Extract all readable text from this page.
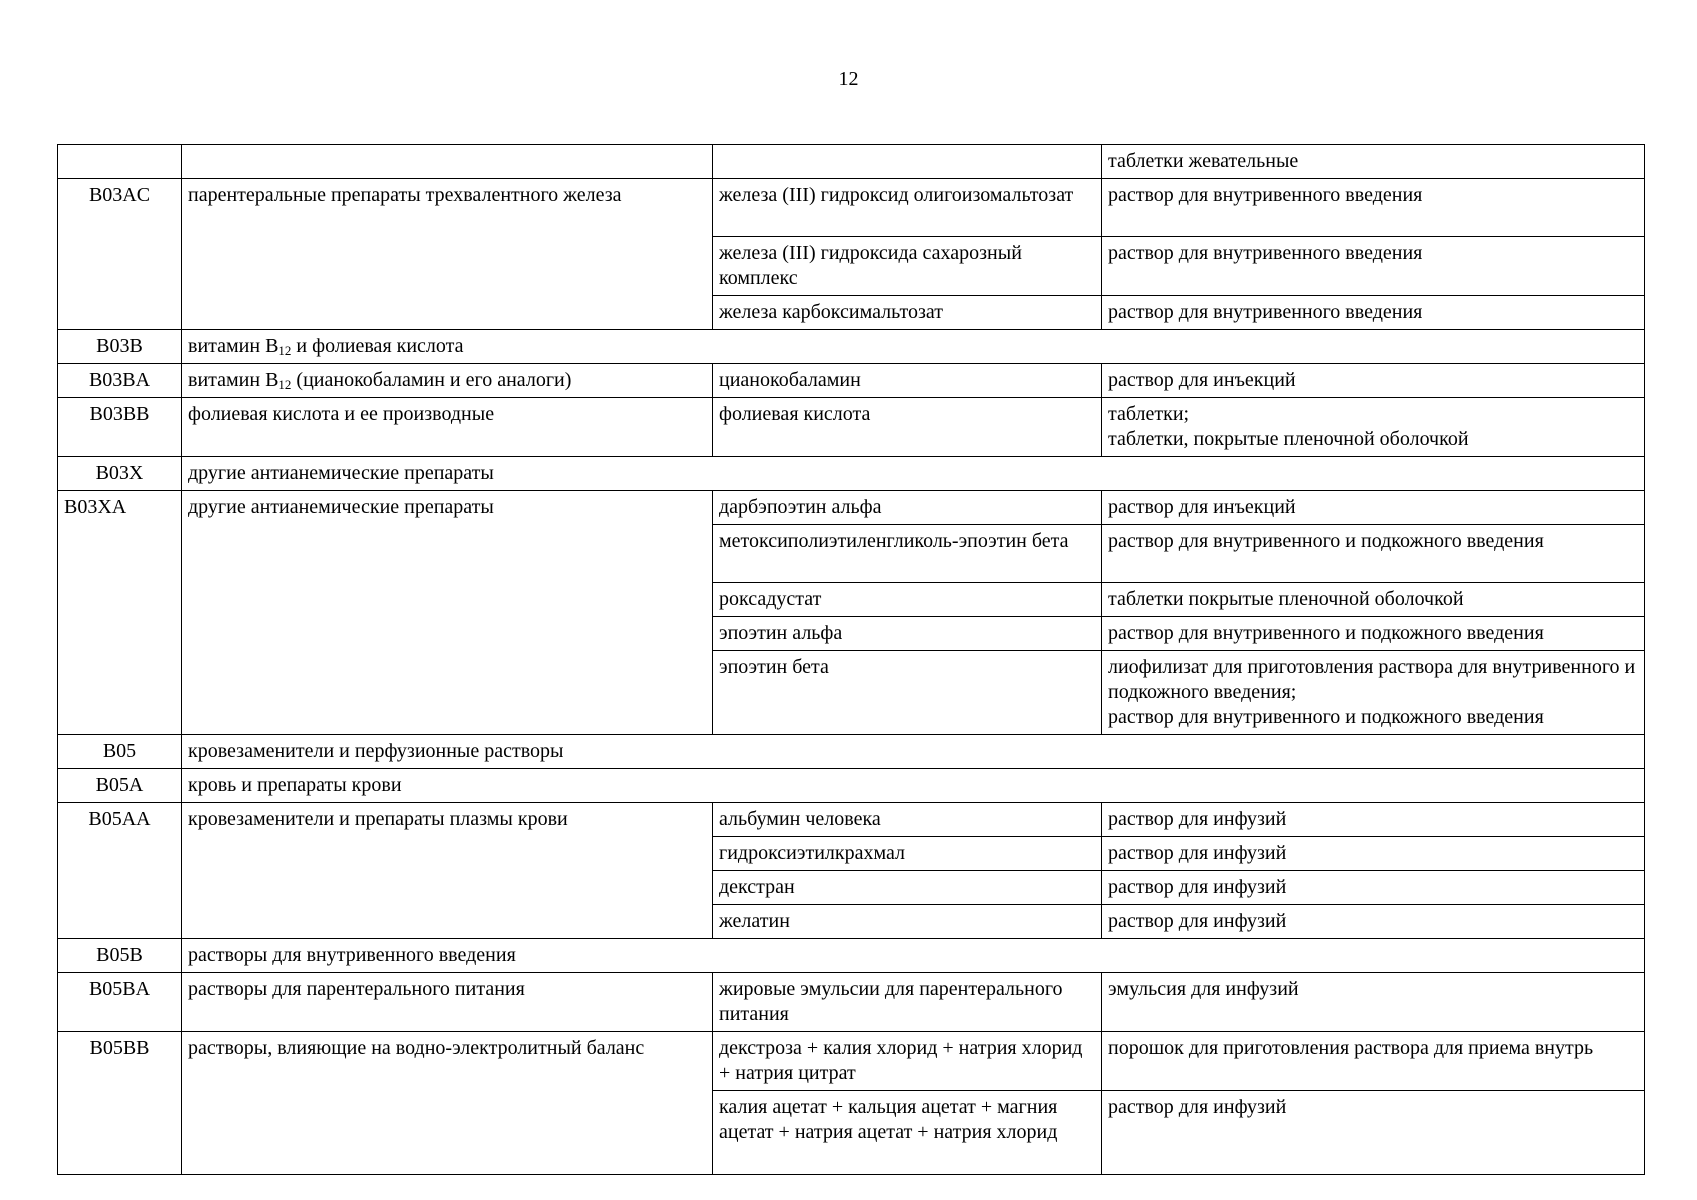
12
			таблетки жевательные
B03AC	парентеральные препараты трехвалентного железа	железа (III) гидроксид олигоизомальтозат	раствор для внутривенного введения
		железа (III) гидроксида сахарозный комплекс	раствор для внутривенного введения
		железа карбоксимальтозат	раствор для внутривенного введения
B03B	витамин $B_{12}$ и фолиевая кислота		
B03BA	витамин $B_{12}$ (цианокобаламин и его аналоги)	цианокобаламин	раствор для инъекций
B03BB	фолиевая кислота и ее производные	фолиевая кислота	таблетки;
таблетки, покрытые пленочной оболочкой

B03X	другие антианемические препараты		
B03XA	другие антианемические препараты	дарбэпоэтин альфа	раствор для инъекций
		метоксиполиэтиленгликоль-эпоэтин бета	раствор для внутривенного и подкожного введения
		роксадустат	таблетки покрытые пленочной оболочкой
		эпоэтин альфа	раствор для внутривенного и подкожного введения
		эпоэтин бета	лиофилизат для приготовления раствора для внутривенного и подкожного введения;
раствор для внутривенного и подкожного введения

B05	кровезаменители и перфузионные растворы		
B05A	кровь и препараты крови		
B05AA	кровезаменители и препараты плазмы крови	альбумин человека	раствор для инфузий
		гидроксиэтилкрахмал	раствор для инфузий
		декстран	раствор для инфузий
		желатин	раствор для инфузий
B05B	растворы для внутривенного введения		
B05BA	растворы для парентерального питания	жировые эмульсии для парентерального питания	эмульсия для инфузий
B05BB	растворы, влияющие на водно-электролитный баланс	декстроза + калия хлорид + натрия хлорид + натрия цитрат	порошок для приготовления раствора для приема внутрь
		калия ацетат + кальция ацетат + магния ацетат + натрия ацетат + натрия хлорид	раствор для инфузий
